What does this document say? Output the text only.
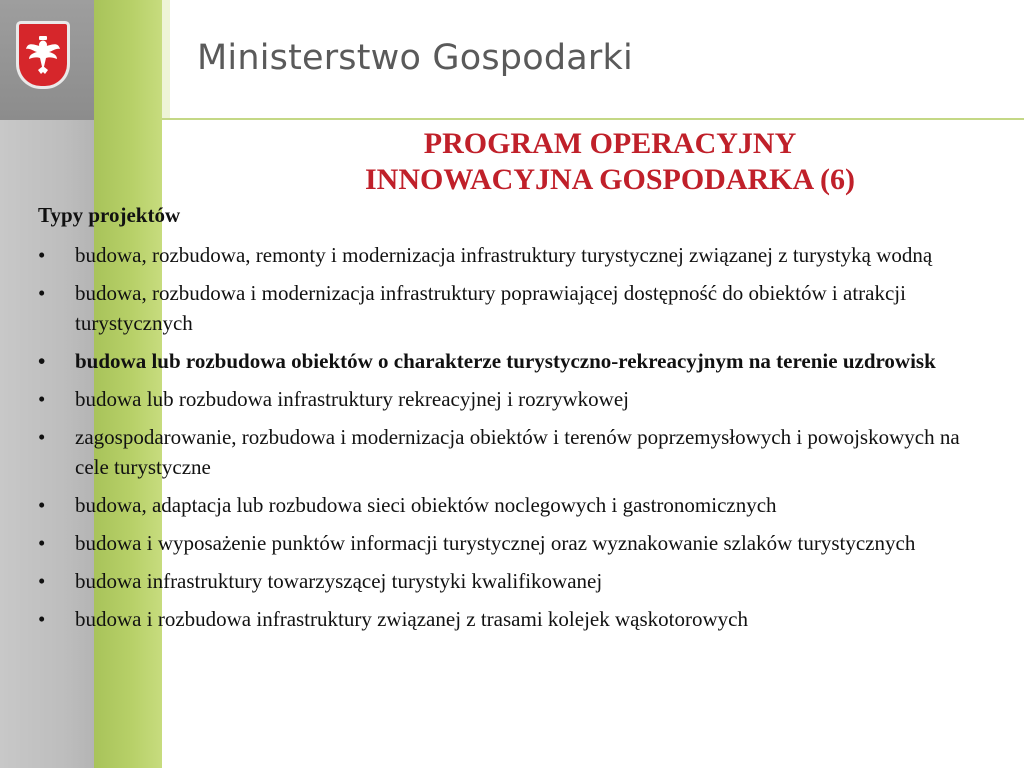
Ministerstwo Gospodarki
PROGRAM OPERACYJNY
INNOWACYJNA GOSPODARKA (6)
Typy projektów
•	budowa, rozbudowa, remonty i modernizacja infrastruktury turystycznej związanej z turystyką wodną
•	budowa, rozbudowa i modernizacja infrastruktury poprawiającej dostępność do obiektów i atrakcji turystycznych
•	budowa lub rozbudowa obiektów o charakterze turystyczno-rekreacyjnym na terenie uzdrowisk
•	budowa lub rozbudowa infrastruktury rekreacyjnej i rozrywkowej
•	zagospodarowanie, rozbudowa i modernizacja obiektów i terenów poprzemysłowych i powojskowych na cele turystyczne
•	budowa, adaptacja lub rozbudowa sieci obiektów noclegowych i gastronomicznych
•	budowa i wyposażenie punktów informacji turystycznej oraz wyznakowanie szlaków turystycznych
•	budowa infrastruktury towarzyszącej turystyki kwalifikowanej
•	budowa i rozbudowa infrastruktury związanej z trasami kolejek wąskotorowych
